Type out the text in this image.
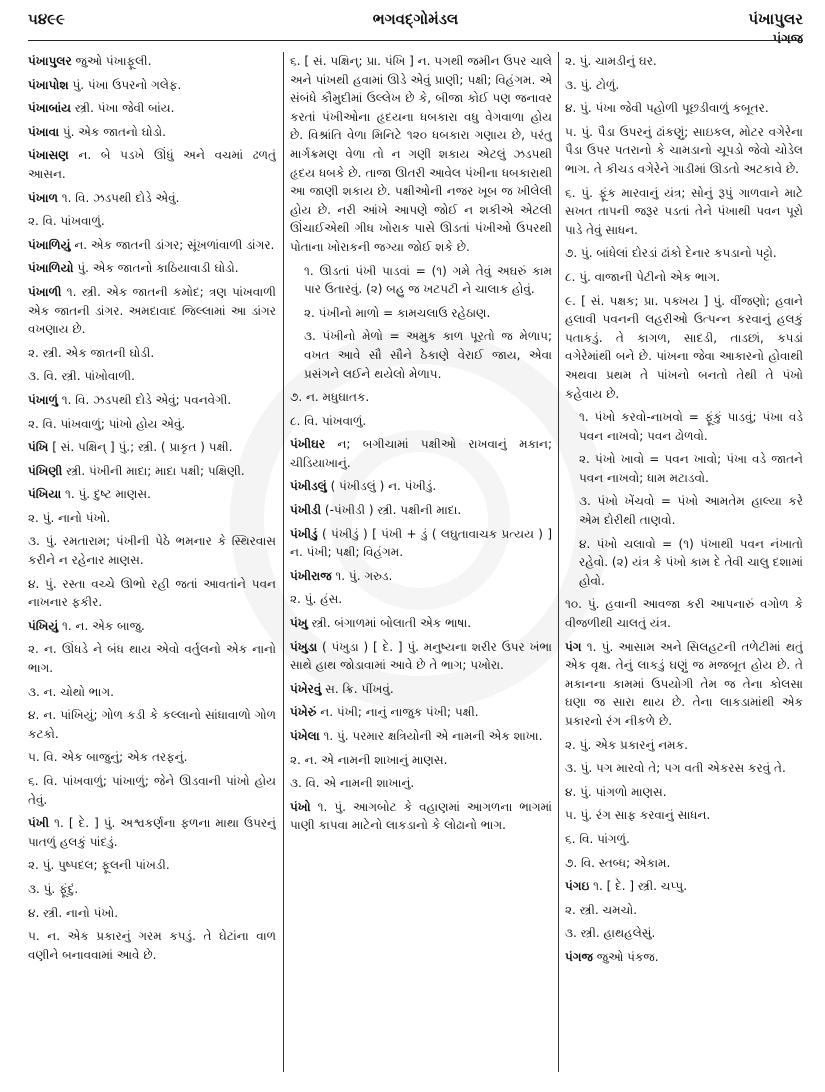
૫૪૯૯	ભગવદ્ગોમંડલ	પંખાપુલર
પંગજ

પંખાપુલર જુઓ પંખાફૂલી.

પંખાપોશ પું. પંખા ઉપરનો ગલેફ.

પંખાબાંય સ્ત્રી. પંખા જેવી બાંય.

પંખાવા પું. એક જાતનો ઘોડો.

પંખાસણ ન. બે પડખે ઊંધું અને વચમાં ઢળતું આસન.

પંખાળ ૧. વિ. ઝડપથી દોડે એવું.

૨. વિ. પાંખવાળું.

પંખાળિયું ન. એક જાતની ડાંગર; સૂંખળાંવાળી ડાંગર.

પંખાળિયો પું. એક જાતનો કાઠિયાવાડી ઘોડો.

પંખાળી ૧. સ્ત્રી. એક જાતની કમોદ; ત્રણ પાંખવાળી એક જાતની ડાંગર. અમદાવાદ જિલ્લામાં આ ડાંગર વખણાય છે.

૨. સ્ત્રી. એક જાતની ઘોડી.

૩. વિ. સ્ત્રી. પાંખોવાળી.

પંખાળું ૧. વિ. ઝડપથી દોડે એવું; પવનવેગી.

૨. વિ. પાંખવાળું; પાંખો હોય એવું.

પંખિ [ સં. પક્ષિન્ ] પું.; સ્ત્રી. ( પ્રાકૃત ) પક્ષી.

પંખિણી સ્ત્રી. પંખીની માદા; માદા પક્ષી; પક્ષિણી.

પંખિયા ૧. પું. દુષ્ટ માણસ.

૨. પું. નાનો પંખો.

૩. પું. રમતારામ; પંખીની પેઠે ભમનાર કે સ્થિરવાસ કરીને ન રહેનાર માણસ.

૪. પું. રસ્તા વચ્ચે ઊભો રહી જતાં આવતાંને પવન નાખનાર ફકીર.

પંખિયું ૧. ન. એક બાજુ.

૨. ન. ઊંધડે ને બંધ થાય એવો વર્તુલનો એક નાનો ભાગ.

૩. ન. ચોથો ભાગ.

૪. ન. પાંખિયું; ગોળ કડી કે કલ્લાનો સાંધાવાળો ગોળ કટકો.

૫. વિ. એક બાજુનું; એક તરફનું.

૬. વિ. પાંખવાળું; પાંખાળું; જેને ઊડવાની પાંખો હોય તેવું.

પંખી ૧. [ દે. ] પું. અશ્વકર્ણના ફળના માથા ઉપરનું પાતળું હલકું પાંદડું.

૨. પું. પુષ્પદલ; ફૂલની પાંખડી.

૩. પું. ફૂંદું.

૪. સ્ત્રી. નાનો પંખો.

૫. ન. એક પ્રકારનું ગરમ કપડું. તે ઘેટાંના વાળ વણીને બનાવવામાં આવે છે.

૬. [ સં. પક્ષિન્; પ્રા. પંખિ ] ન. પગથી જમીન ઉપર ચાલે અને પાંખથી હવામાં ઊડે એવું પ્રાણી; પક્ષી; વિહંગમ. એ સંબંધે કૌમુદીમાં ઉલ્લેખ છે કે, બીજા કોઈ પણ જનાવર કરતાં પંખીઓના હૃદયના ધબકારા વધુ વેગવાળા હોય છે. વિશ્રાંતિ વેળા મિનિટે ૧૨૦ ધબકારા ગણાય છે, પરંતુ માર્ગક્રમણ વેળા તો ન ગણી શકાય એટલું ઝડપથી હૃદય ધબકે છે. તાજા ઊતરી આવેલ પંખીના ધબકારાથી આ જાણી શકાય છે. પક્ષીઓની નજર ખૂબ જ ખીલેલી હોય છે. નરી આંખે આપણે જોઈ ન શકીએ એટલી ઊંચાઈએથી ગીધ ખોરાક પાસે ઊડતાં પંખીઓ ઉપરથી પોતાના ખોરાકની જગ્યા જોઈ શકે છે.

૧. ઊડતાં પંખી પાડવાં = (૧) ગમે તેવું અઘરું કામ પાર ઉતારવું. (૨) બહુ જ ખટપટી ને ચાલાક હોવું.

૨. પંખીનો માળો = કામચલાઉ રહેઠાણ.

૩. પંખીનો મેળો = અમુક કાળ પૂરતો જ મેળાપ; વખત આવે સૌ સૌને ઠેકાણે વેરાઈ જાય, એવા પ્રસંગને લઈને થયેલો મેળાપ.

૭. ન. મધુઘાતક.

૮. વિ. પાંખવાળું.

પંખીઘર ન; બગીચામાં પક્ષીઓ રાખવાનું મકાન; ચીડિયાખાનું.

પંખીડલું ( પંખીડલું ) ન. પંખીડું.

પંખીડી (-પંખીડી ) સ્ત્રી. પક્ષીની માદા.

પંખીડું ( પંખીડું ) [ પંખી + ડું ( લઘુતાવાચક પ્રત્યય ) ] ન. પંખી; પક્ષી; વિહંગમ.

પંખીરાજ ૧. પું. ગરુડ.

૨. પું. હંસ.

પંખુ સ્ત્રી. બંગાળમાં બોલાતી એક ભાષા.

પંખુડા ( પંખુડા ) [ દે. ] પું. મનુષ્યના શરીર ઉપર ખંભા સાથે હાથ જોડાવામાં આવે છે તે ભાગ; પખોરા.

પંખેરવું સ. ક્રિ. પીંખવું.

પંખેરું ન. પંખી; નાનું નાજુક પંખી; પક્ષી.

પંખેલા ૧. પું. પરમાર ક્ષત્રિયોની એ નામની એક શાખા.

૨. ન. એ નામની શાખાનું માણસ.

૩. વિ. એ નામની શાખાનું.

પંખો ૧. પું. આગબોટ કે વહાણમાં આગળના ભાગમાં પાણી કાપવા માટેનો લાકડાનો કે લોઢાનો ભાગ.

૨. પું. ચામડીનું ઘર.

૩. પું. ટોળું.

૪. પું. પંખા જેવી પહોળી પૂછડીવાળું કબૂતર.

૫. પું. પૈડા ઉપરનું ઢાંકણું; સાઇકલ, મોટર વગેરેના પૈડા ઉપર પતરાનો કે ચામડાનો ચૂપડો જેવો ચોડેલ ભાગ. તે કીચડ વગેરેને ગાડીમાં ઊડતો અટકાવે છે.

૬. પું. ફૂંક મારવાનું યંત્ર; સોનું રૂપું ગાળવાને માટે સખત તાપની જરૂર પડતાં તેને પંખાથી પવન પૂરો પાડે તેવું સાધન.

૭. પું. બાંધેલાં દોરડાં ઢાંકો દેનાર કપડાનો પટ્ટો.

૮. પું. વાજાની પેટીનો એક ભાગ.

૯. [ સં. પક્ષક; પ્રા. પક્ખય ] પું. વીંજણો; હવાને હલાવી પવનની લહરીઓ ઉત્પન્ન કરવાનું હલકું પતાકડું. તે કાગળ, સાદડી, તાડછાં, કપડાં વગેરેમાંથી બને છે. પાંખના જેવા આકારનો હોવાથી અથવા પ્રથમ તે પાંખનો બનતો તેથી તે પંખો કહેવાય છે.

૧. પંખો કરવો-નાખવો = ફૂંકું પાડવું; પંખા વડે પવન નાખવો; પવન ઢોળવો.

૨. પંખો ખાવો = પવન ખાવો; પંખા વડે જાતને પવન નાખવો; ધામ મટાડવો.

૩. પંખો ખેંચવો = પંખો આમતેમ હાલ્યા કરે એમ દોરીથી તાણવો.

૪. પંખો ચલાવો = (૧) પંખાથી પવન નંખાતો રહેવો. (૨) યંત્ર કે પંખો કામ દે તેવી ચાલુ દશામાં હોવો.

૧૦. પું. હવાની આવજા કરી આપનારું વગોળ કે વીજળીથી ચાલતું યંત્ર.

પંગ ૧. પું. આસામ અને સિલહટની તળેટીમાં થતું એક વૃક્ષ. તેનું લાકડું ઘણું જ મજબૂત હોય છે. તે મકાનના કામમાં ઉપયોગી તેમ જ તેના કોલસા ઘણા જ સારા થાય છે. તેના લાકડામાંથી એક પ્રકારનો રંગ નીકળે છે.

૨. પું. એક પ્રકારનું નમક.

૩. પું. પગ મારવો તે; પગ વતી એકરસ કરવું તે.

૪. પું. પાંગળો માણસ.

૫. પું. રંગ સાફ કરવાનું સાધન.

૬. વિ. પાંગળું.

૭. વિ. સ્તબ્ધ; એકામ.

પંગઇ ૧. [ દે. ] સ્ત્રી. ચપ્પુ.

૨. સ્ત્રી. ચમચો.

૩. સ્ત્રી. હાથહલેસું.

પંગજ જુઓ પંકજ.
